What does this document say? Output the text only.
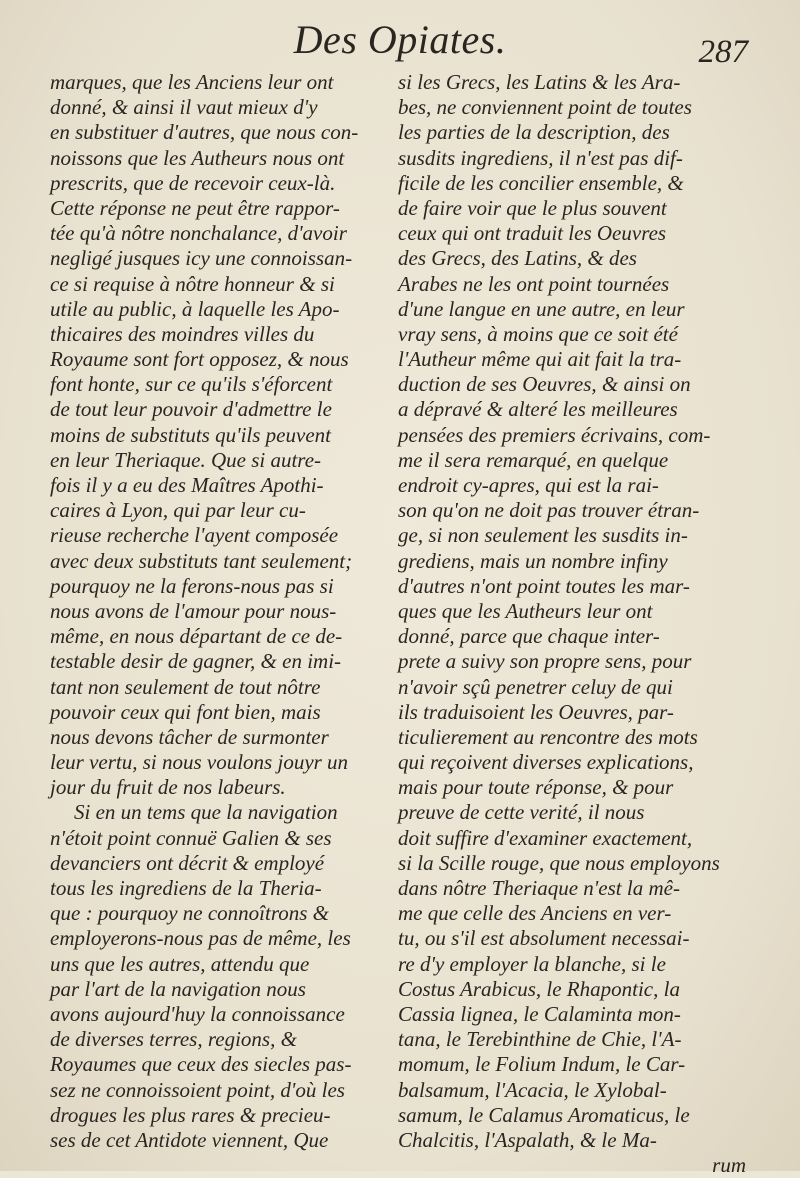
Des Opiates.	287
marques, que les Anciens leur ont
donné, & ainsi il vaut mieux d'y
en substituer d'autres, que nous con-
noissons que les Autheurs nous ont
prescrits, que de recevoir ceux-là.
Cette réponse ne peut être rappor-
tée qu'à nôtre nonchalance, d'avoir
negligé jusques icy une connoissan-
ce si requise à nôtre honneur & si
utile au public, à laquelle les Apo-
thicaires des moindres villes du
Royaume sont fort opposez, & nous
font honte, sur ce qu'ils s'éforcent
de tout leur pouvoir d'admettre le
moins de substituts qu'ils peuvent
en leur Theriaque. Que si autre-
fois il y a eu des Maîtres Apothi-
caires à Lyon, qui par leur cu-
rieuse recherche l'ayent composée
avec deux substituts tant seulement;
pourquoy ne la ferons-nous pas si
nous avons de l'amour pour nous-
même, en nous départant de ce de-
testable desir de gagner, & en imi-
tant non seulement de tout nôtre
pouvoir ceux qui font bien, mais
nous devons tâcher de surmonter
leur vertu, si nous voulons jouyr un
jour du fruit de nos labeurs.
Si en un tems que la navigation
n'étoit point connuë Galien & ses
devanciers ont décrit & employé
tous les ingrediens de la Theria-
que : pourquoy ne connoîtrons &
employerons-nous pas de même, les
uns que les autres, attendu que
par l'art de la navigation nous
avons aujourd'huy la connoissance
de diverses terres, regions, &
Royaumes que ceux des siecles pas-
sez ne connoissoient point, d'où les
drogues les plus rares & precieu-
ses de cet Antidote viennent, Que
si les Grecs, les Latins & les Ara-
bes, ne conviennent point de toutes
les parties de la description, des
susdits ingrediens, il n'est pas dif-
ficile de les concilier ensemble, &
de faire voir que le plus souvent
ceux qui ont traduit les Oeuvres
des Grecs, des Latins, & des
Arabes ne les ont point tournées
d'une langue en une autre, en leur
vray sens, à moins que ce soit été
l'Autheur même qui ait fait la tra-
duction de ses Oeuvres, & ainsi on
a dépravé & alteré les meilleures
pensées des premiers écrivains, com-
me il sera remarqué, en quelque
endroit cy-apres, qui est la rai-
son qu'on ne doit pas trouver étran-
ge, si non seulement les susdits in-
grediens, mais un nombre infiny
d'autres n'ont point toutes les mar-
ques que les Autheurs leur ont
donné, parce que chaque inter-
prete a suivy son propre sens, pour
n'avoir sçû penetrer celuy de qui
ils traduisoient les Oeuvres, par-
ticulierement au rencontre des mots
qui reçoivent diverses explications,
mais pour toute réponse, & pour
preuve de cette verité, il nous
doit suffire d'examiner exactement,
si la Scille rouge, que nous employons
dans nôtre Theriaque n'est la mê-
me que celle des Anciens en ver-
tu, ou s'il est absolument necessai-
re d'y employer la blanche, si le
Costus Arabicus, le Rhapontic, la
Cassia lignea, le Calaminta mon-
tana, le Terebinthine de Chie, l'A-
momum, le Folium Indum, le Car-
balsamum, l'Acacia, le Xylobal-
samum, le Calamus Aromaticus, le
Chalcitis, l'Aspalath, & le Ma-
rum
